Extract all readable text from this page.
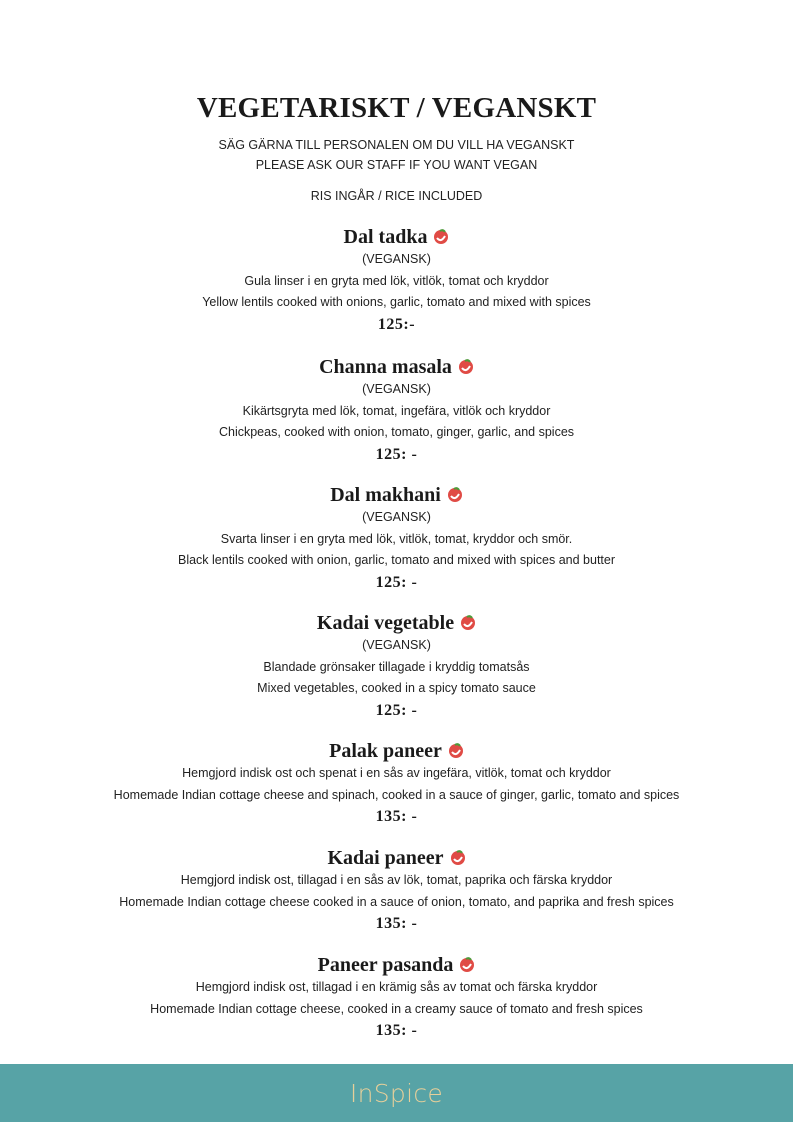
VEGETARISKT / VEGANSKT
SÄG GÄRNA TILL PERSONALEN OM DU VILL HA VEGANSKT
PLEASE ASK OUR STAFF IF YOU WANT VEGAN
RIS INGÅR / RICE INCLUDED
Dal tadka
(VEGANSK)
Gula linser i en gryta med lök, vitlök, tomat och kryddor
Yellow lentils cooked with onions, garlic, tomato and mixed with spices
125:-
Channa masala
(VEGANSK)
Kikärtsgryta med lök, tomat, ingefära, vitlök och kryddor
Chickpeas, cooked with onion, tomato, ginger, garlic, and spices
125: -
Dal makhani
(VEGANSK)
Svarta linser i en gryta med lök, vitlök, tomat, kryddor och smör.
Black lentils cooked with onion, garlic, tomato and mixed with spices and butter
125: -
Kadai vegetable
(VEGANSK)
Blandade grönsaker tillagade i kryddig tomatsås
Mixed vegetables, cooked in a spicy tomato sauce
125: -
Palak paneer
Hemgjord indisk ost och spenat i en sås av ingefära, vitlök, tomat och kryddor
Homemade Indian cottage cheese and spinach, cooked in a sauce of ginger, garlic, tomato and spices
135: -
Kadai paneer
Hemgjord indisk ost, tillagad i en sås av lök, tomat, paprika och färska kryddor
Homemade Indian cottage cheese cooked in a sauce of onion, tomato, and paprika and fresh spices
135: -
Paneer pasanda
Hemgjord indisk ost, tillagad i en krämig sås av tomat och färska kryddor
Homemade Indian cottage cheese, cooked in a creamy sauce of tomato and fresh spices
135: -
InSpice
